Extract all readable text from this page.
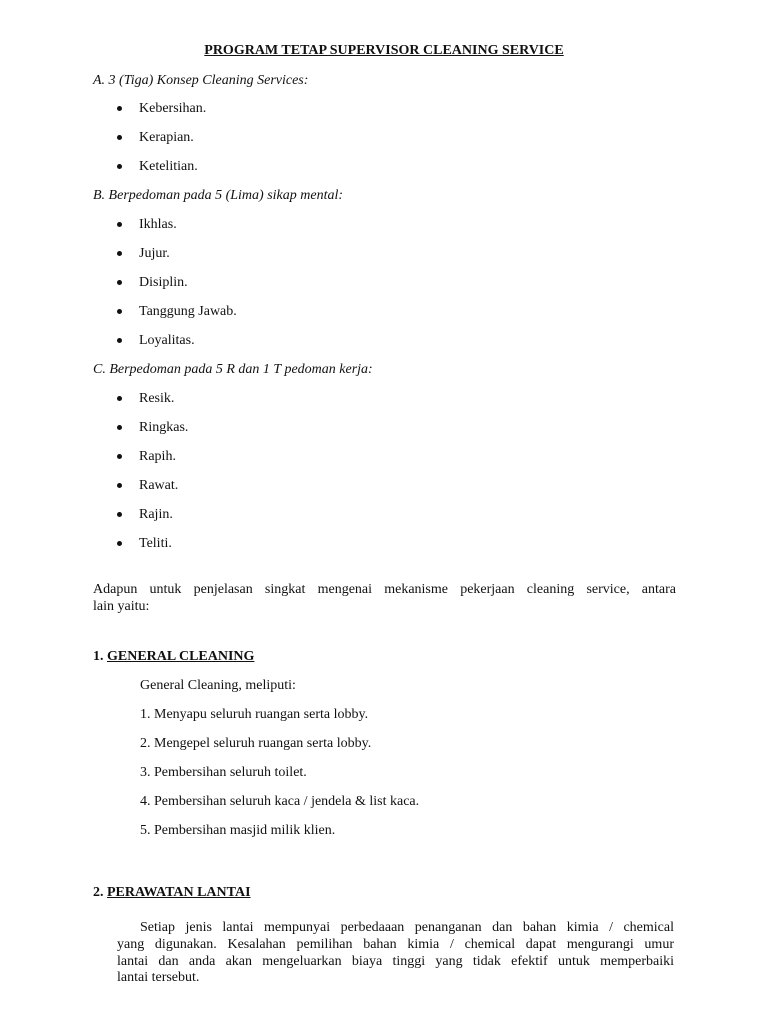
PROGRAM TETAP SUPERVISOR CLEANING SERVICE
A. 3 (Tiga) Konsep Cleaning Services:
Kebersihan.
Kerapian.
Ketelitian.
B. Berpedoman pada 5 (Lima) sikap mental:
Ikhlas.
Jujur.
Disiplin.
Tanggung Jawab.
Loyalitas.
C. Berpedoman pada 5 R dan 1 T pedoman kerja:
Resik.
Ringkas.
Rapih.
Rawat.
Rajin.
Teliti.
Adapun untuk penjelasan singkat mengenai mekanisme pekerjaan cleaning service, antara
lain yaitu:
1. GENERAL CLEANING
General Cleaning, meliputi:
1. Menyapu seluruh ruangan serta lobby.
2. Mengepel seluruh ruangan serta lobby.
3. Pembersihan seluruh toilet.
4. Pembersihan seluruh kaca / jendela & list kaca.
5. Pembersihan masjid milik klien.
2. PERAWATAN LANTAI
Setiap jenis lantai mempunyai perbedaaan penanganan dan bahan kimia / chemical
yang digunakan. Kesalahan pemilihan bahan kimia / chemical dapat mengurangi umur
lantai dan anda akan mengeluarkan biaya tinggi yang tidak efektif untuk memperbaiki
lantai tersebut.
